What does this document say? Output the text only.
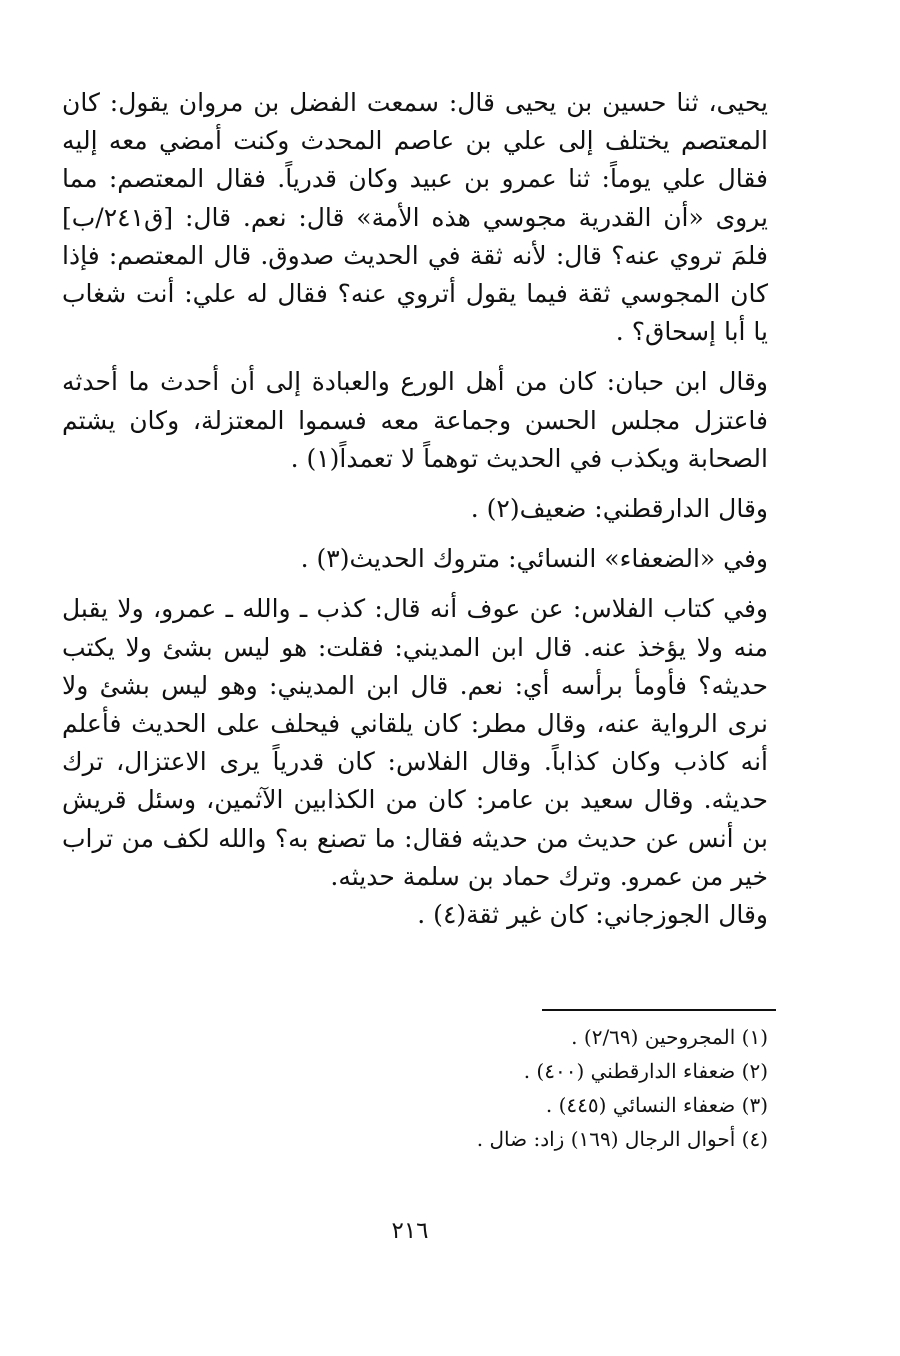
يحيى، ثنا حسين بن يحيى قال: سمعت الفضل بن مروان يقول: كان المعتصم يختلف إلى علي بن عاصم المحدث وكنت أمضي معه إليه فقال علي يوماً: ثنا عمرو بن عبيد وكان قدرياً. فقال المعتصم: مما يروى «أن القدرية مجوسي هذه الأمة» قال: نعم. قال: [ق٢٤١/ب] فلمَ تروي عنه؟ قال: لأنه ثقة في الحديث صدوق. قال المعتصم: فإذا كان المجوسي ثقة فيما يقول أتروي عنه؟ فقال له علي: أنت شغاب يا أبا إسحاق؟ .

وقال ابن حبان: كان من أهل الورع والعبادة إلى أن أحدث ما أحدثه فاعتزل مجلس الحسن وجماعة معه فسموا المعتزلة، وكان يشتم الصحابة ويكذب في الحديث توهماً لا تعمداً(١) .

وقال الدارقطني: ضعيف(٢) .

وفي «الضعفاء» النسائي: متروك الحديث(٣) .

وفي كتاب الفلاس: عن عوف أنه قال: كذب ـ والله ـ عمرو، ولا يقبل منه ولا يؤخذ عنه. قال ابن المديني: فقلت: هو ليس بشئ ولا يكتب حديثه؟ فأومأ برأسه أي: نعم. قال ابن المديني: وهو ليس بشئ ولا نرى الرواية عنه، وقال مطر: كان يلقاني فيحلف على الحديث فأعلم أنه كاذب وكان كذاباً. وقال الفلاس: كان قدرياً يرى الاعتزال، ترك حديثه. وقال سعيد بن عامر: كان من الكذابين الآثمين، وسئل قريش بن أنس عن حديث من حديثه فقال: ما تصنع به؟ والله لكف من تراب خير من عمرو. وترك حماد بن سلمة حديثه.

وقال الجوزجاني: كان غير ثقة(٤) .

(١) المجروحين (٢/٦٩) .

(٢) ضعفاء الدارقطني (٤٠٠) .

(٣) ضعفاء النسائي (٤٤٥) .

(٤) أحوال الرجال (١٦٩) زاد: ضال .

٢١٦
